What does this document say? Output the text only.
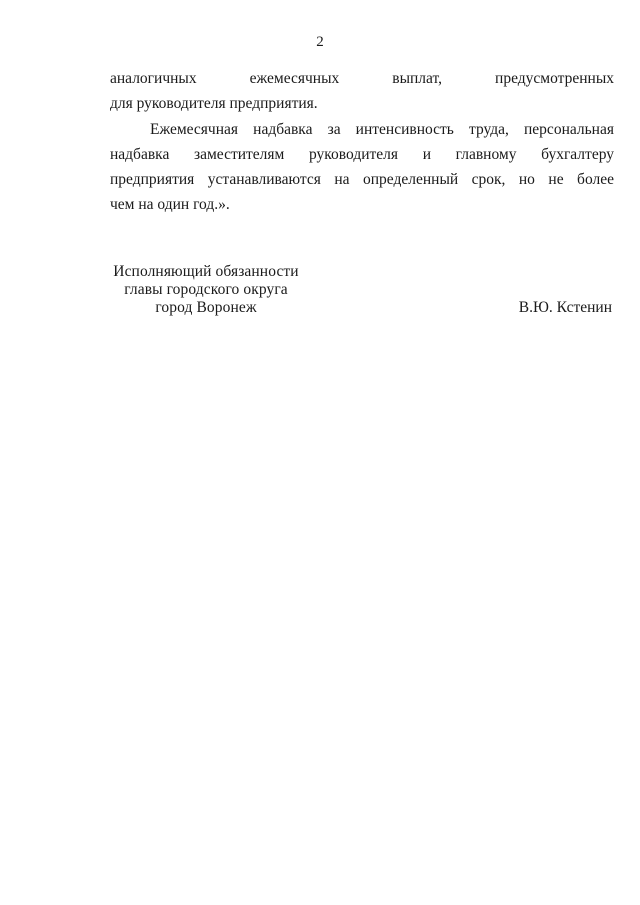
2
аналогичных ежемесячных выплат, предусмотренных
для руководителя предприятия.
Ежемесячная надбавка за интенсивность труда, персональная
надбавка заместителям руководителя и главному бухгалтеру
предприятия устанавливаются на определенный срок, но не более
чем на один год.».
Исполняющий обязанности
главы городского округа
город Воронеж	В.Ю. Кстенин
